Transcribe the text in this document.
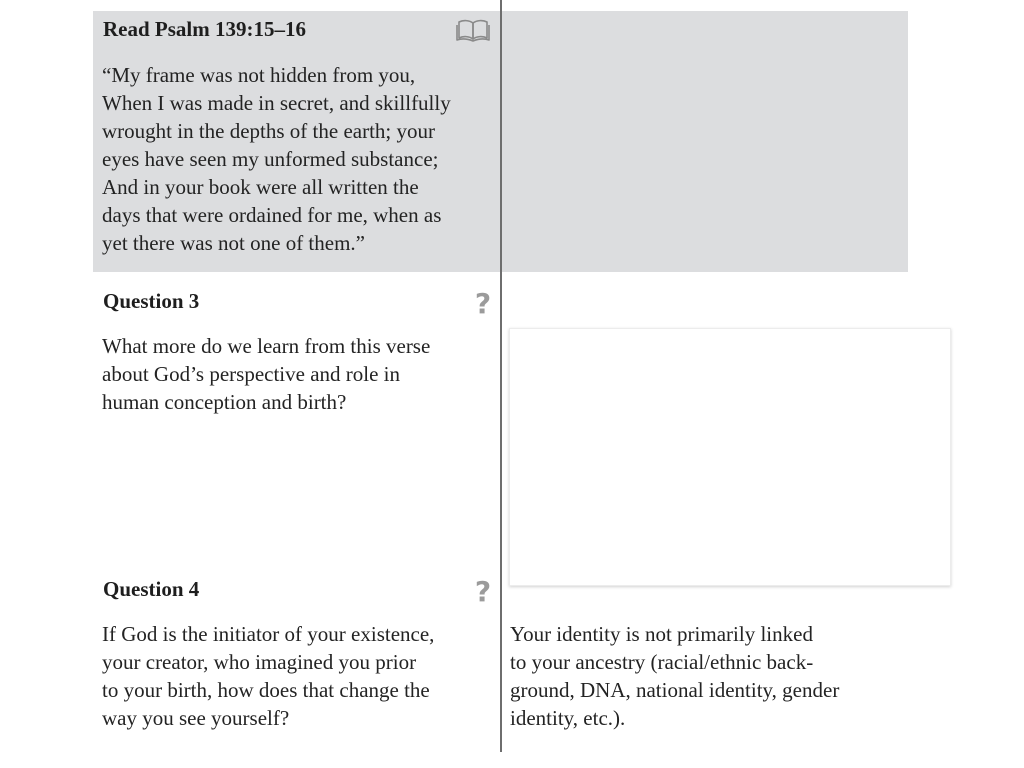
Read Psalm 139:15–16
“My frame was not hidden from you,
When I was made in secret, and skillfully
wrought in the depths of the earth; your
eyes have seen my unformed substance;
And in your book were all written the
days that were ordained for me, when as
yet there was not one of them.”
Question 3	?
What more do we learn from this verse
about God’s perspective and role in
human conception and birth?
Question 4	?
If God is the initiator of your existence,
your creator, who imagined you prior
to your birth, how does that change the
way you see yourself?
Your identity is not primarily linked
to your ancestry (racial/ethnic back-
ground, DNA, national identity, gender
identity, etc.).
